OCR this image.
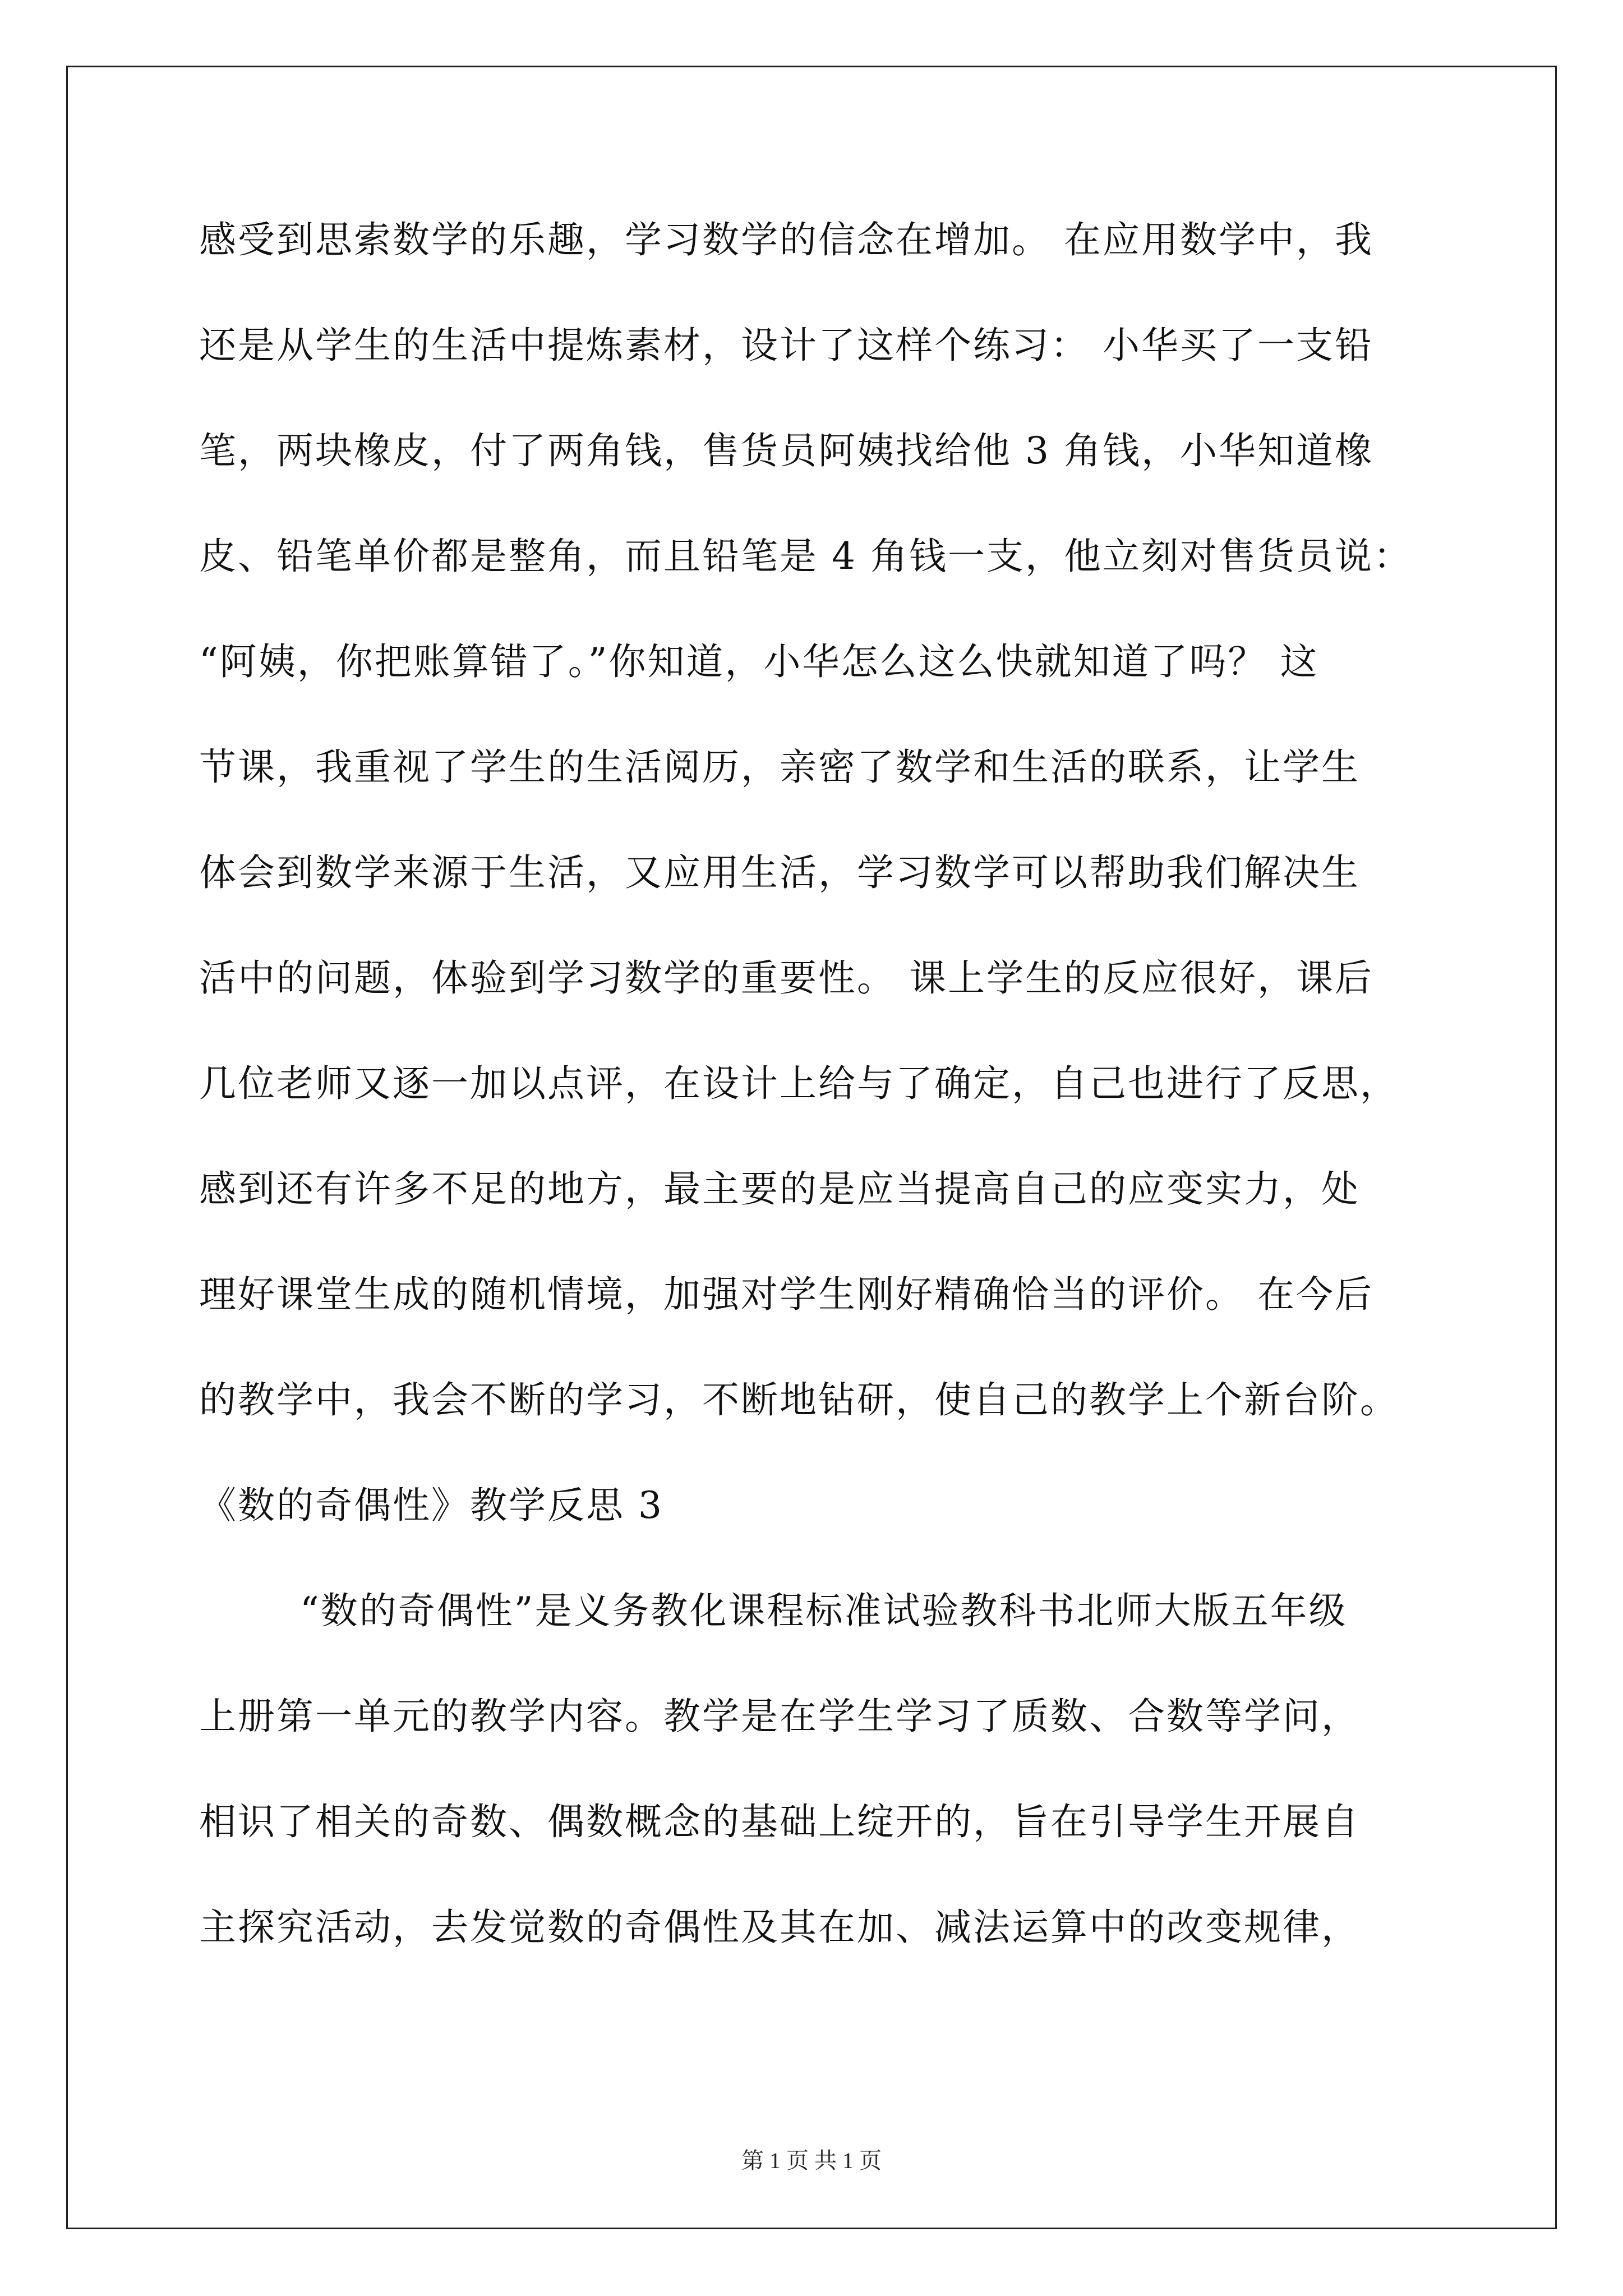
感受到思索数学的乐趣，学习数学的信念在增加。 在应用数学中，我
还是从学生的生活中提炼素材，设计了这样个练习： 小华买了一支铅
笔，两块橡皮，付了两角钱，售货员阿姨找给他 3 角钱，小华知道橡
皮、铅笔单价都是整角，而且铅笔是 4 角钱一支，他立刻对售货员说：
“阿姨，你把账算错了。”你知道，小华怎么这么快就知道了吗？ 这
节课，我重视了学生的生活阅历，亲密了数学和生活的联系，让学生
体会到数学来源于生活，又应用生活，学习数学可以帮助我们解决生
活中的问题，体验到学习数学的重要性。 课上学生的反应很好，课后
几位老师又逐一加以点评，在设计上给与了确定，自己也进行了反思，
感到还有许多不足的地方，最主要的是应当提高自己的应变实力，处
理好课堂生成的随机情境，加强对学生刚好精确恰当的评价。 在今后
的教学中，我会不断的学习，不断地钻研，使自己的教学上个新台阶。
《数的奇偶性》教学反思 3
“数的奇偶性”是义务教化课程标准试验教科书北师大版五年级
上册第一单元的教学内容。教学是在学生学习了质数、合数等学问，
相识了相关的奇数、偶数概念的基础上绽开的，旨在引导学生开展自
主探究活动，去发觉数的奇偶性及其在加、减法运算中的改变规律，
第 1 页 共 1 页
